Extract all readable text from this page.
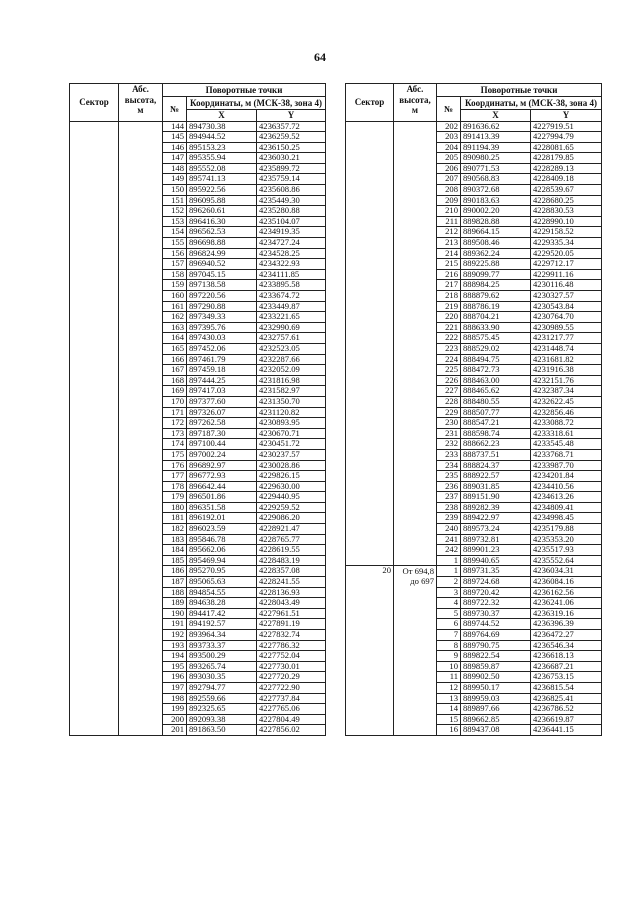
64
Сектор	Абс. высота, м	Поворотные точки		
		№	Координаты, м (МСК-38, зона 4)	
			X	Y
		144	894730.38	4236357.72
		145	894944.52	4236259.52
		146	895153.23	4236150.25
		147	895355.94	4236030.21
		148	895552.08	4235899.72
		149	895741.13	4235759.14
		150	895922.56	4235608.86
		151	896095.88	4235449.30
		152	896260.61	4235280.88
		153	896416.30	4235104.07
		154	896562.53	4234919.35
		155	896698.88	4234727.24
		156	896824.99	4234528.25
		157	896940.52	4234322.93
		158	897045.15	4234111.85
		159	897138.58	4233895.58
		160	897220.56	4233674.72
		161	897290.88	4233449.87
		162	897349.33	4233221.65
		163	897395.76	4232990.69
		164	897430.03	4232757.61
		165	897452.06	4232523.05
		166	897461.79	4232287.66
		167	897459.18	4232052.09
		168	897444.25	4231816.98
		169	897417.03	4231582.97
		170	897377.60	4231350.70
		171	897326.07	4231120.82
		172	897262.58	4230893.95
		173	897187.30	4230670.71
		174	897100.44	4230451.72
		175	897002.24	4230237.57
		176	896892.97	4230028.86
		177	896772.93	4229826.15
		178	896642.44	4229630.00
		179	896501.86	4229440.95
		180	896351.58	4229259.52
		181	896192.01	4229086.20
		182	896023.59	4228921.47
		183	895846.78	4228765.77
		184	895662.06	4228619.55
		185	895469.94	4228483.19
		186	895270.95	4228357.08
		187	895065.63	4228241.55
		188	894854.55	4228136.93
		189	894638.28	4228043.49
		190	894417.42	4227961.51
		191	894192.57	4227891.19
		192	893964.34	4227832.74
		193	893733.37	4227786.32
		194	893500.29	4227752.04
		195	893265.74	4227730.01
		196	893030.35	4227720.29
		197	892794.77	4227722.90
		198	892559.66	4227737.84
		199	892325.65	4227765.06
		200	892093.38	4227804.49
		201	891863.50	4227856.02
Сектор	Абс. высота, м	Поворотные точки		
		№	Координаты, м (МСК-38, зона 4)	
			X	Y
		202	891636.62	4227919.51
		203	891413.39	4227994.79
		204	891194.39	4228081.65
		205	890980.25	4228179.85
		206	890771.53	4228289.13
		207	890568.83	4228409.18
		208	890372.68	4228539.67
		209	890183.63	4228680.25
		210	890002.20	4228830.53
		211	889828.88	4228990.10
		212	889664.15	4229158.52
		213	889508.46	4229335.34
		214	889362.24	4229520.05
		215	889225.88	4229712.17
		216	889099.77	4229911.16
		217	888984.25	4230116.48
		218	888879.62	4230327.57
		219	888786.19	4230543.84
		220	888704.21	4230764.70
		221	888633.90	4230989.55
		222	888575.45	4231217.77
		223	888529.02	4231448.74
		224	888494.75	4231681.82
		225	888472.73	4231916.38
		226	888463.00	4232151.76
		227	888465.62	4232387.34
		228	888480.55	4232622.45
		229	888507.77	4232856.46
		230	888547.21	4233088.72
		231	888598.74	4233318.61
		232	888662.23	4233545.48
		233	888737.51	4233768.71
		234	888824.37	4233987.70
		235	888922.57	4234201.84
		236	889031.85	4234410.56
		237	889151.90	4234613.26
		238	889282.39	4234809.41
		239	889422.97	4234998.45
		240	889573.24	4235179.88
		241	889732.81	4235353.20
		242	889901.23	4235517.93
		1	889940.65	4235552.64
20	От 694,8 до 697	1	889731.35	4236034.31
		2	889724.68	4236084.16
		3	889720.42	4236162.56
		4	889722.32	4236241.06
		5	889730.37	4236319.16
		6	889744.52	4236396.39
		7	889764.69	4236472.27
		8	889790.75	4236546.34
		9	889822.54	4236618.13
		10	889859.87	4236687.21
		11	889902.50	4236753.15
		12	889950.17	4236815.54
		13	889959.03	4236825.41
		14	889897.66	4236786.52
		15	889662.85	4236619.87
		16	889437.08	4236441.15
